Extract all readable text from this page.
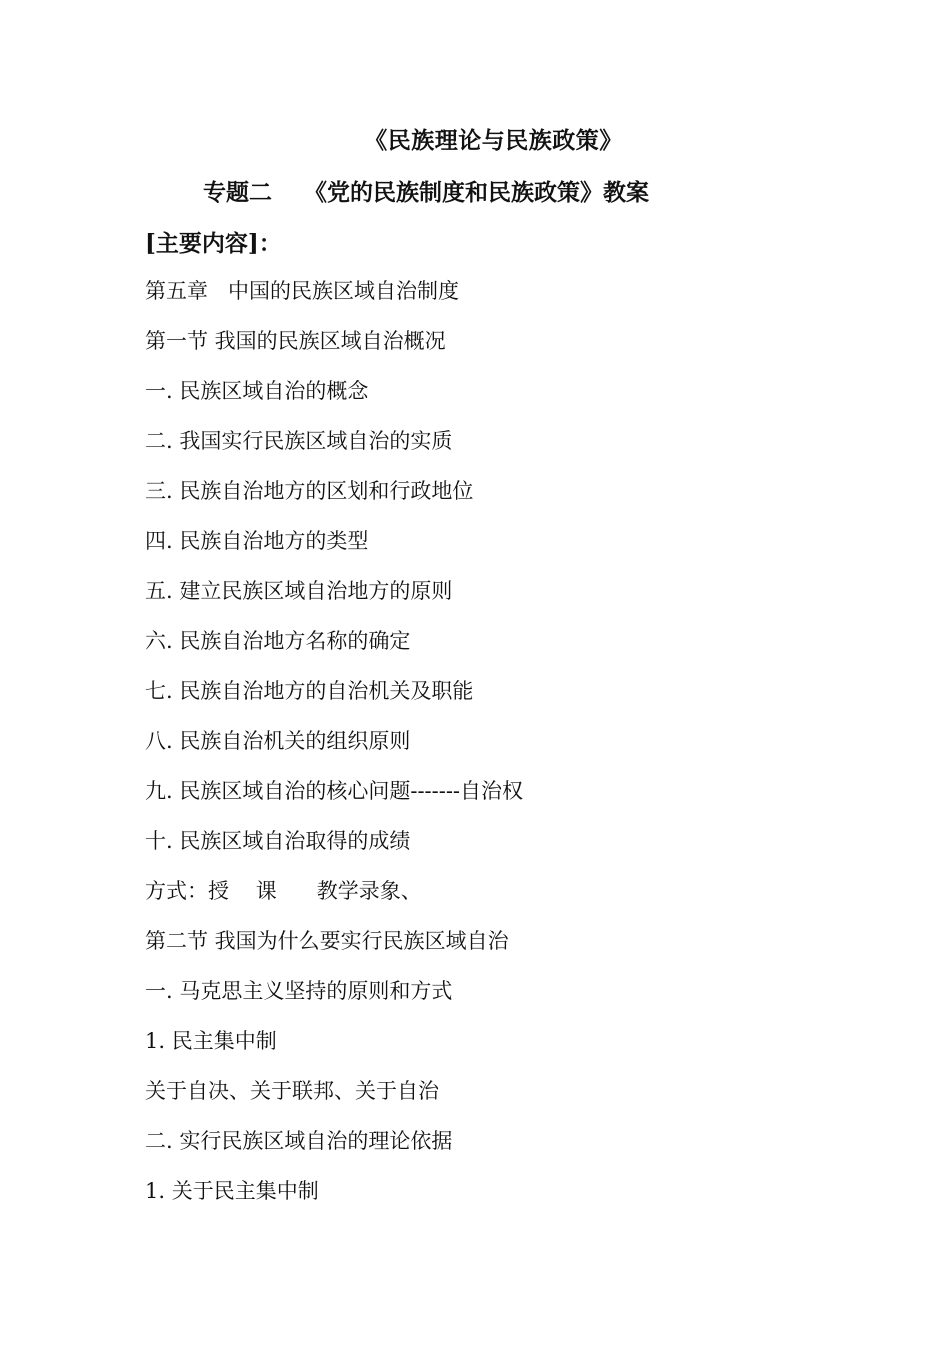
《民族理论与民族政策》
专题二    《党的民族制度和民族政策》教案
[主要内容]：
第五章   中国的民族区域自治制度
第一节 我国的民族区域自治概况
一. 民族区域自治的概念
二. 我国实行民族区域自治的实质
三. 民族自治地方的区划和行政地位
四. 民族自治地方的类型
五. 建立民族区域自治地方的原则
六. 民族自治地方名称的确定
七. 民族自治地方的自治机关及职能
八. 民族自治机关的组织原则
九. 民族区域自治的核心问题-------自治权
十. 民族区域自治取得的成绩
方式：授    课      教学录象、
第二节 我国为什么要实行民族区域自治
一. 马克思主义坚持的原则和方式
1. 民主集中制
关于自决、关于联邦、关于自治
二. 实行民族区域自治的理论依据
1. 关于民主集中制
